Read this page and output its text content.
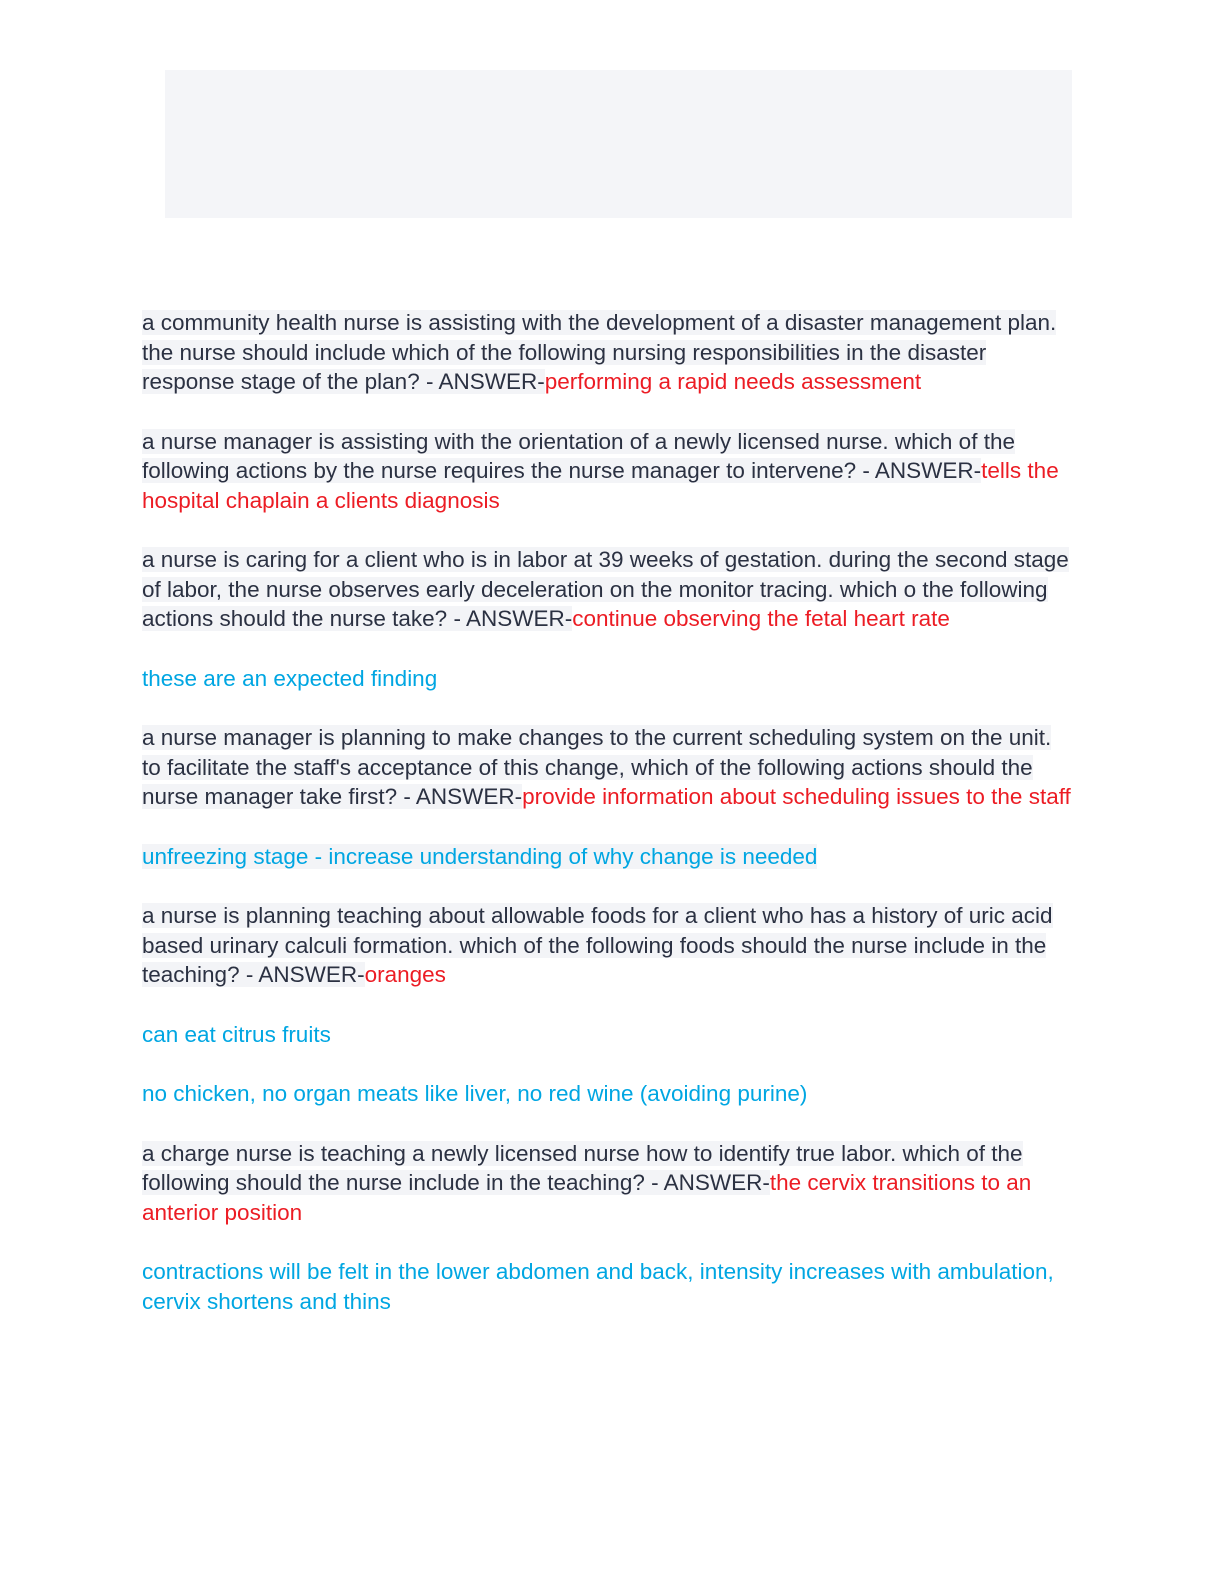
a community health nurse is assisting with the development of a disaster management plan. the nurse should include which of the following nursing responsibilities in the disaster response stage of the plan? - ANSWER-performing a rapid needs assessment

a nurse manager is assisting with the orientation of a newly licensed nurse. which of the following actions by the nurse requires the nurse manager to intervene? - ANSWER-tells the hospital chaplain a clients diagnosis

a nurse is caring for a client who is in labor at 39 weeks of gestation. during the second stage of labor, the nurse observes early deceleration on the monitor tracing. which o the following actions should the nurse take? - ANSWER-continue observing the fetal heart rate

these are an expected finding

a nurse manager is planning to make changes to the current scheduling system on the unit. to facilitate the staff's acceptance of this change, which of the following actions should the nurse manager take first? - ANSWER-provide information about scheduling issues to the staff

unfreezing stage - increase understanding of why change is needed

a nurse is planning teaching about allowable foods for a client who has a history of uric acid based urinary calculi formation. which of the following foods should the nurse include in the teaching? - ANSWER-oranges

can eat citrus fruits

no chicken, no organ meats like liver, no red wine (avoiding purine)

a charge nurse is teaching a newly licensed nurse how to identify true labor. which of the following should the nurse include in the teaching? - ANSWER-the cervix transitions to an anterior position

contractions will be felt in the lower abdomen and back, intensity increases with ambulation, cervix shortens and thins
